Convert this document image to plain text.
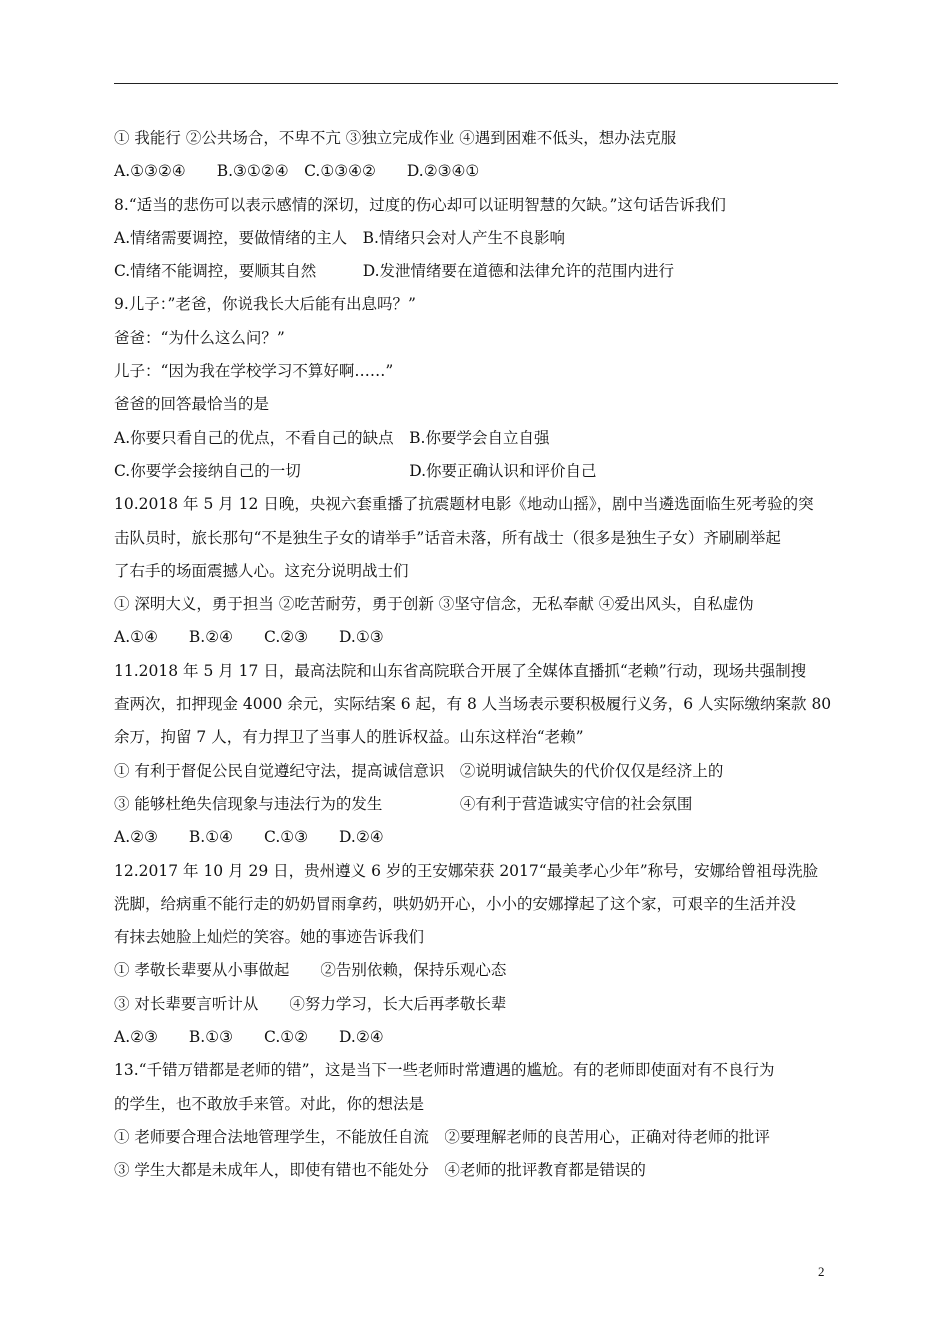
① 我能行 ②公共场合，不卑不亢 ③独立完成作业 ④遇到困难不低头，想办法克服
A.①③②④　　B.③①②④　C.①③④②　　D.②③④①
8.“适当的悲伤可以表示感情的深切，过度的伤心却可以证明智慧的欠缺。”这句话告诉我们
A.情绪需要调控，要做情绪的主人　B.情绪只会对人产生不良影响
C.情绪不能调控，要顺其自然　　　D.发泄情绪要在道德和法律允许的范围内进行
9.儿子：”老爸，你说我长大后能有出息吗？”
爸爸：“为什么这么问？”
儿子：“因为我在学校学习不算好啊……”
爸爸的回答最恰当的是
A.你要只看自己的优点，不看自己的缺点　B.你要学会自立自强
C.你要学会接纳自己的一切　　　　　　　D.你要正确认识和评价自己
10.2018 年 5 月 12 日晚，央视六套重播了抗震题材电影《地动山摇》，剧中当遴选面临生死考验的突
击队员时，旅长那句“不是独生子女的请举手”话音未落，所有战士（很多是独生子女）齐刷刷举起
了右手的场面震撼人心。这充分说明战士们
① 深明大义，勇于担当 ②吃苦耐劳，勇于创新 ③坚守信念，无私奉献 ④爱出风头，自私虚伪
A.①④　　B.②④　　C.②③　　D.①③
11.2018 年 5 月 17 日，最高法院和山东省高院联合开展了全媒体直播抓“老赖”行动，现场共强制搜
查两次，扣押现金 4000 余元，实际结案 6 起，有 8 人当场表示要积极履行义务，6 人实际缴纳案款 80
余万，拘留 7 人，有力捍卫了当事人的胜诉权益。山东这样治“老赖”
① 有利于督促公民自觉遵纪守法，提高诚信意识　②说明诚信缺失的代价仅仅是经济上的
③ 能够杜绝失信现象与违法行为的发生　　　　　④有利于营造诚实守信的社会氛围
A.②③　　B.①④　　C.①③　　D.②④
12.2017 年 10 月 29 日，贵州遵义 6 岁的王安娜荣获 2017“最美孝心少年”称号，安娜给曾祖母洗脸
洗脚，给病重不能行走的奶奶冒雨拿药，哄奶奶开心，小小的安娜撑起了这个家，可艰辛的生活并没
有抹去她脸上灿烂的笑容。她的事迹告诉我们
① 孝敬长辈要从小事做起　　②告别依赖，保持乐观心态
③ 对长辈要言听计从　　④努力学习，长大后再孝敬长辈
A.②③　　B.①③　　C.①②　　D.②④
13.“千错万错都是老师的错”，这是当下一些老师时常遭遇的尴尬。有的老师即使面对有不良行为
的学生，也不敢放手来管。对此，你的想法是
① 老师要合理合法地管理学生，不能放任自流　②要理解老师的良苦用心，正确对待老师的批评
③ 学生大都是未成年人，即使有错也不能处分　④老师的批评教育都是错误的
2
